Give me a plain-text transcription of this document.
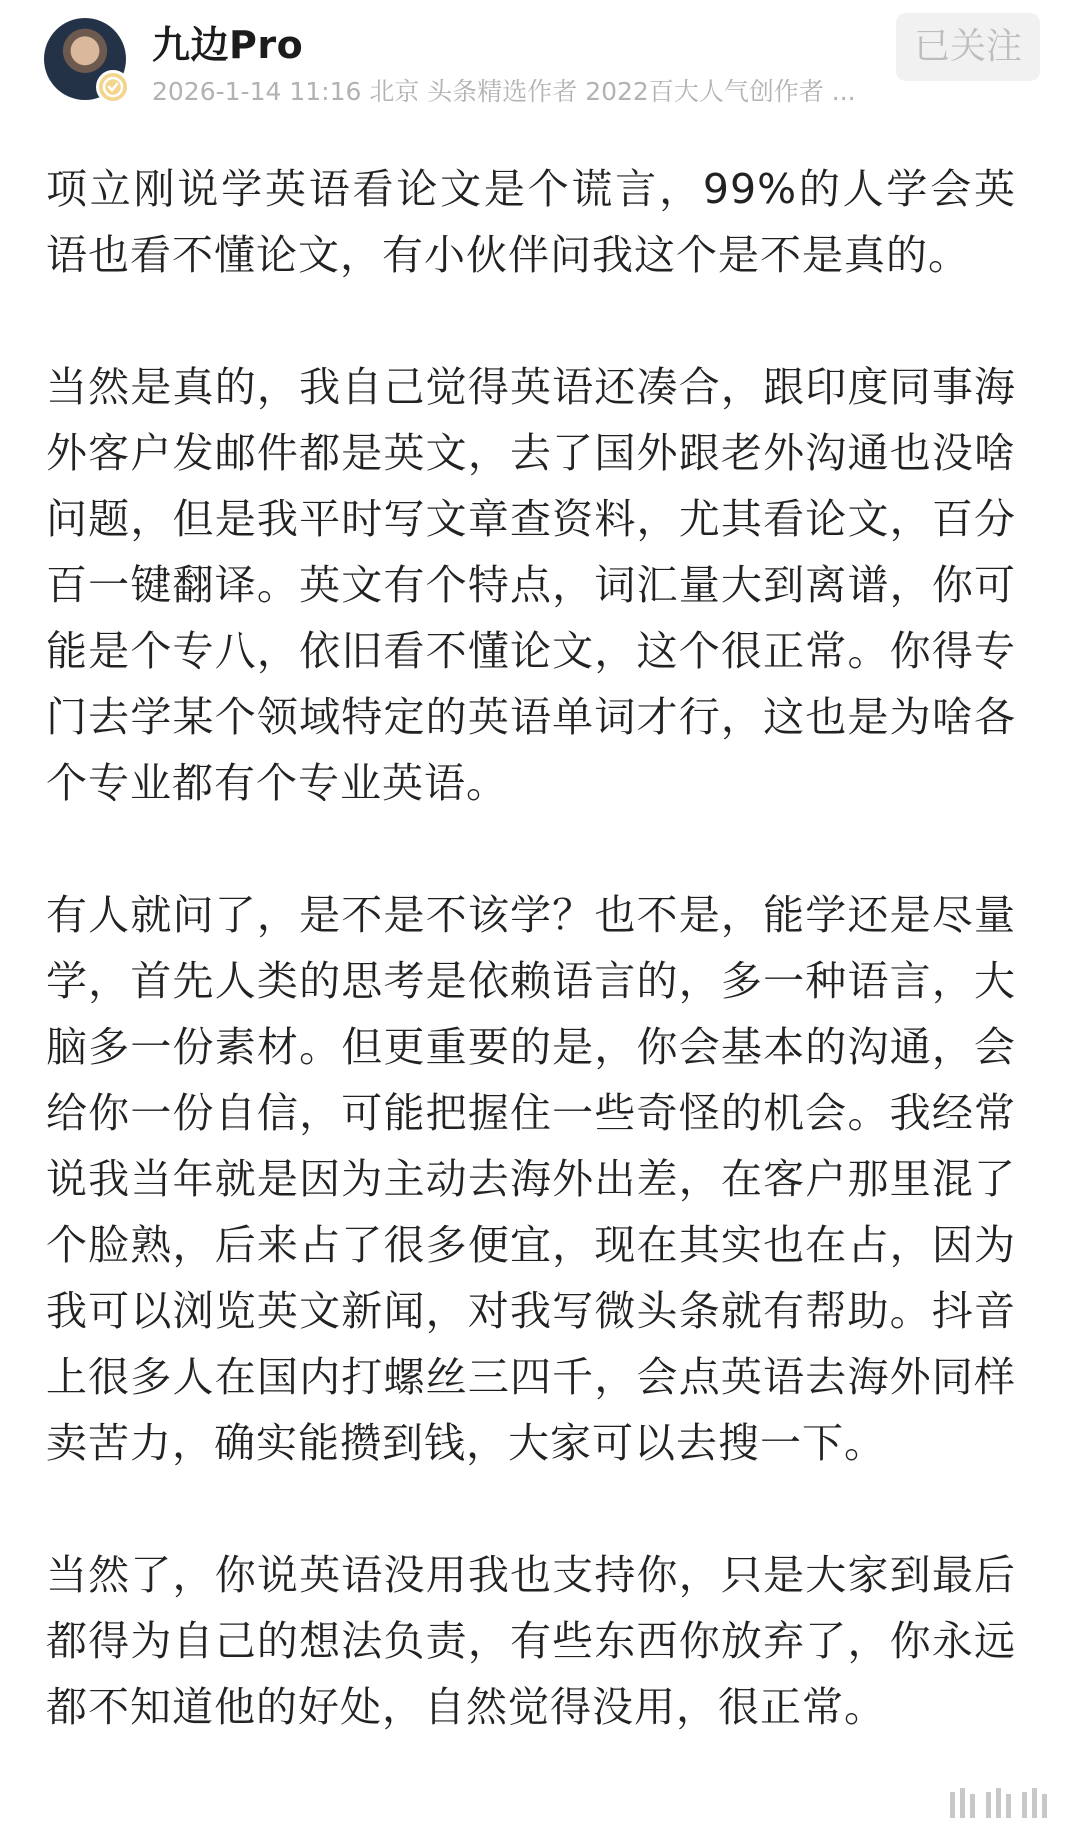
九边Pro
2026-1-14 11:16 北京 头条精选作者 2022百大人气创作者 ...
已关注

项立刚说学英语看论文是个谎言，99%的人学会英语也看不懂论文，有小伙伴问我这个是不是真的。

当然是真的，我自己觉得英语还凑合，跟印度同事海外客户发邮件都是英文，去了国外跟老外沟通也没啥问题，但是我平时写文章查资料，尤其看论文，百分百一键翻译。英文有个特点，词汇量大到离谱，你可能是个专八，依旧看不懂论文，这个很正常。你得专门去学某个领域特定的英语单词才行，这也是为啥各个专业都有个专业英语。

有人就问了，是不是不该学？也不是，能学还是尽量学，首先人类的思考是依赖语言的，多一种语言，大脑多一份素材。但更重要的是，你会基本的沟通，会给你一份自信，可能把握住一些奇怪的机会。我经常说我当年就是因为主动去海外出差，在客户那里混了个脸熟，后来占了很多便宜，现在其实也在占，因为我可以浏览英文新闻，对我写微头条就有帮助。抖音上很多人在国内打螺丝三四千，会点英语去海外同样卖苦力，确实能攒到钱，大家可以去搜一下。

当然了，你说英语没用我也支持你，只是大家到最后都得为自己的想法负责，有些东西你放弃了，你永远都不知道他的好处，自然觉得没用，很正常。
